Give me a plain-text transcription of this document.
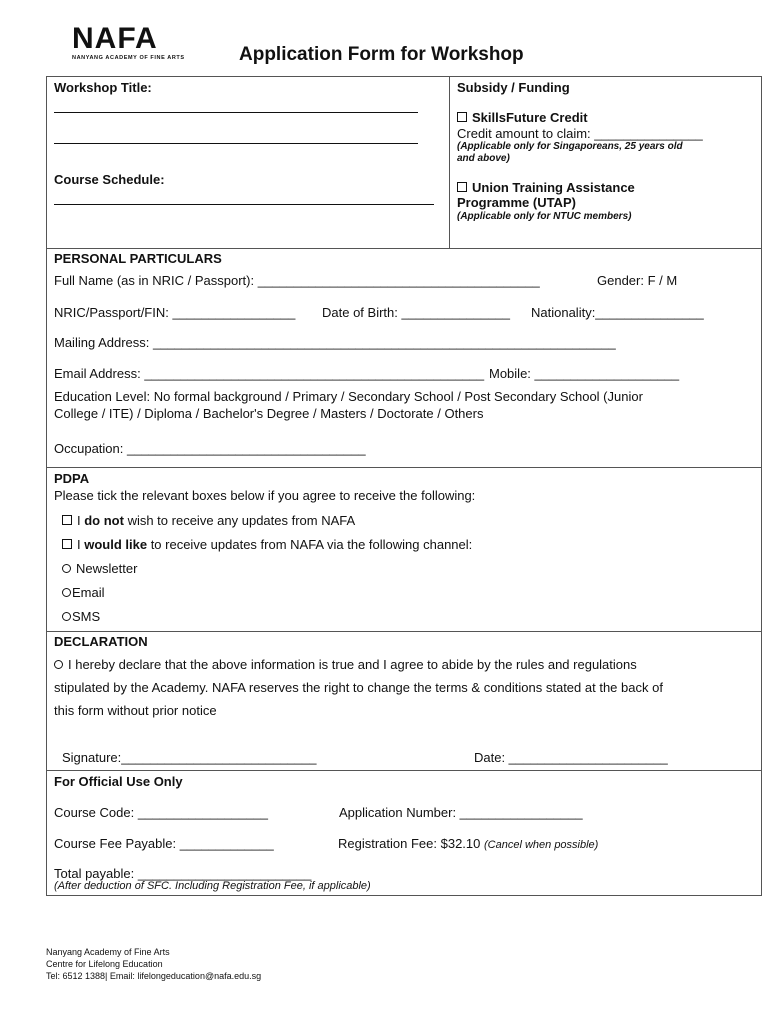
NAFA
NANYANG ACADEMY OF FINE ARTS	Application Form for Workshop
Workshop Title:
Course Schedule:
Subsidy / Funding
SkillsFuture Credit
Credit amount to claim: _______________
(Applicable only for Singaporeans, 25 years old
and above)
Union Training Assistance
Programme (UTAP)
(Applicable only for NTUC members)
PERSONAL PARTICULARS
Full Name (as in NRIC / Passport): _______________________________________	Gender: F / M
NRIC/Passport/FIN: _________________ Date of Birth: _______________ Nationality:_______________
Mailing Address: ________________________________________________________________
Email Address: _______________________________________________ Mobile: ____________________
Education Level: No formal background / Primary / Secondary School / Post Secondary School (Junior
College / ITE) / Diploma / Bachelor's Degree / Masters / Doctorate / Others
Occupation: _________________________________
PDPA
Please tick the relevant boxes below if you agree to receive the following:
I do not wish to receive any updates from NAFA
I would like to receive updates from NAFA via the following channel:
Newsletter
Email
SMS
DECLARATION
I hereby declare that the above information is true and I agree to abide by the rules and regulations
stipulated by the Academy. NAFA reserves the right to change the terms & conditions stated at the back of
this form without prior notice
Signature:___________________________	Date: ______________________
For Official Use Only
Course Code: __________________	Application Number: _________________
Course Fee Payable: _____________	Registration Fee: $32.10 (Cancel when possible)
Total payable: ________________________
(After deduction of SFC. Including Registration Fee, if applicable)
Nanyang Academy of Fine Arts
Centre for Lifelong Education
Tel: 6512 1388| Email: lifelongeducation@nafa.edu.sg
